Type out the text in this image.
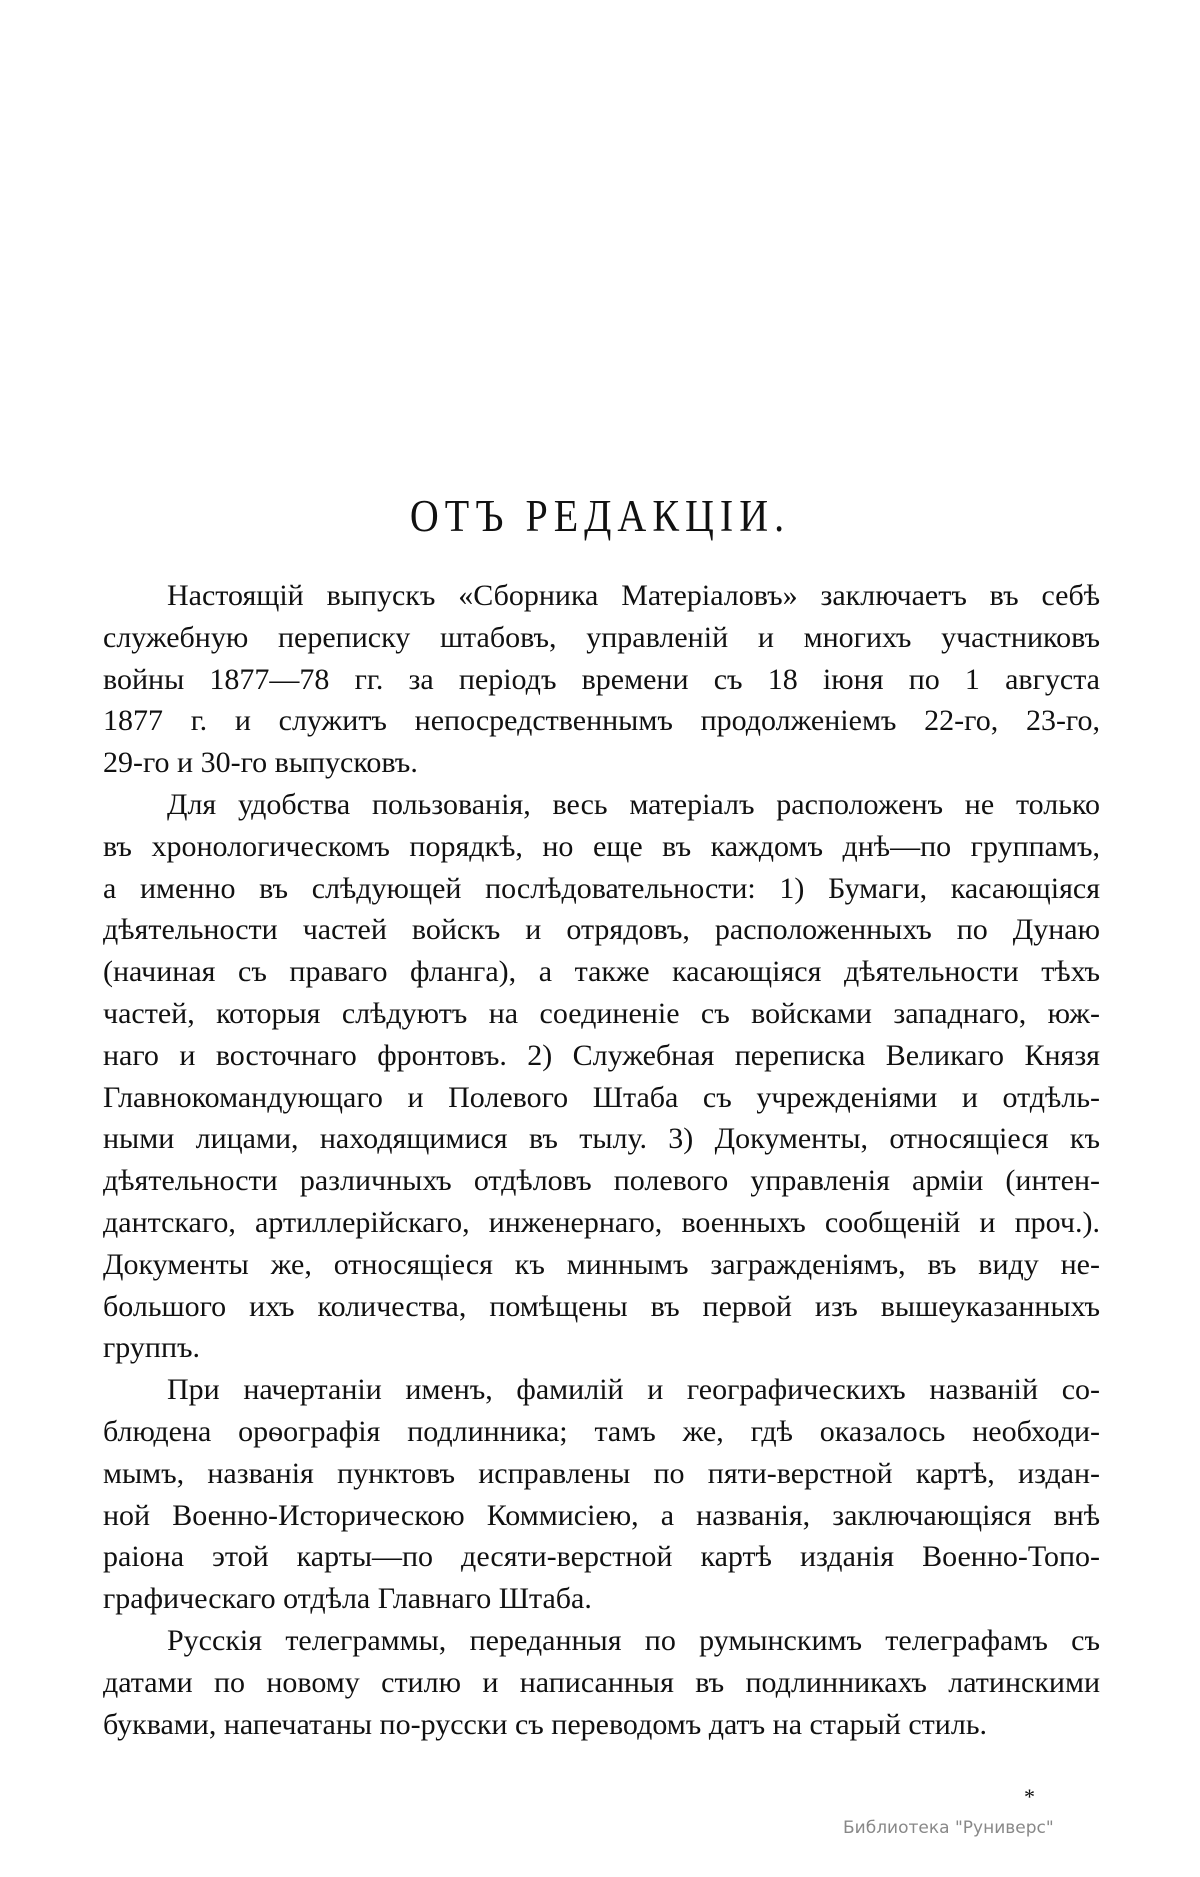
ОТЪ РЕДАКЦІИ.
Настоящій выпускъ «Сборника Матеріаловъ» заключаетъ въ себѣ
служебную переписку штабовъ, управленій и многихъ участниковъ
войны 1877—78 гг. за періодъ времени съ 18 іюня по 1 августа
1877 г. и служитъ непосредственнымъ продолженіемъ 22-го, 23-го,
29-го и 30-го выпусковъ.
Для удобства пользованія, весь матеріалъ расположенъ не только
въ хронологическомъ порядкѣ, но еще въ каждомъ днѣ—по группамъ,
а именно въ слѣдующей послѣдовательности: 1) Бумаги, касающіяся
дѣятельности частей войскъ и отрядовъ, расположенныхъ по Дунаю
(начиная съ праваго фланга), а также касающіяся дѣятельности тѣхъ
частей, которыя слѣдуютъ на соединеніе съ войсками западнаго, юж-
наго и восточнаго фронтовъ. 2) Служебная переписка Великаго Князя
Главнокомандующаго и Полевого Штаба съ учрежденіями и отдѣль-
ными лицами, находящимися въ тылу. 3) Документы, относящіеся къ
дѣятельности различныхъ отдѣловъ полевого управленія арміи (интен-
дантскаго, артиллерійскаго, инженернаго, военныхъ сообщеній и проч.).
Документы же, относящіеся къ миннымъ загражденіямъ, въ виду не-
большого ихъ количества, помѣщены въ первой изъ вышеуказанныхъ
группъ.
При начертаніи именъ, фамилій и географическихъ названій со-
блюдена орѳографія подлинника; тамъ же, гдѣ оказалось необходи-
мымъ, названія пунктовъ исправлены по пяти-верстной картѣ, издан-
ной Военно-Историческою Коммисіею, а названія, заключающіяся внѣ
раіона этой карты—по десяти-верстной картѣ изданія Военно-Топо-
графическаго отдѣла Главнаго Штаба.
Русскія телеграммы, переданныя по румынскимъ телеграфамъ съ
датами по новому стилю и написанныя въ подлинникахъ латинскими
буквами, напечатаны по-русски съ переводомъ датъ на старый стиль.
*
Библиотека "Руниверс"
